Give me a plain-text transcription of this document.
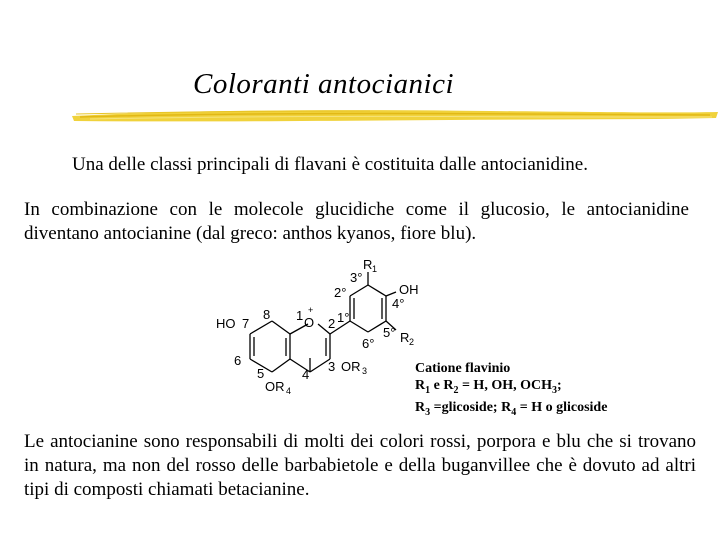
Coloranti antocianici
Una delle classi principali di flavani è costituita dalle antocianidine.
In combinazione con le molecole glucidiche come il glucosio, le antocianidine diventano antocianine (dal greco: anthos kyanos, fiore blu).
R 1
3°
2°	OH
4°
1°
2
+
O
1
8
HO 7
6
5
OR 4
4
3 OR 3
6°
5° R 2
Catione flavinio
$R_1$ e $R_2 = H$, OH, $OCH_3$;
$R_3$ =glicoside; $R_4 = H$ o glicoside
Le antocianine sono responsabili di molti dei colori rossi, porpora e blu che si trovano in natura, ma non del rosso delle barbabietole e della buganvillee che è dovuto ad altri tipi di composti chiamati betacianine.
